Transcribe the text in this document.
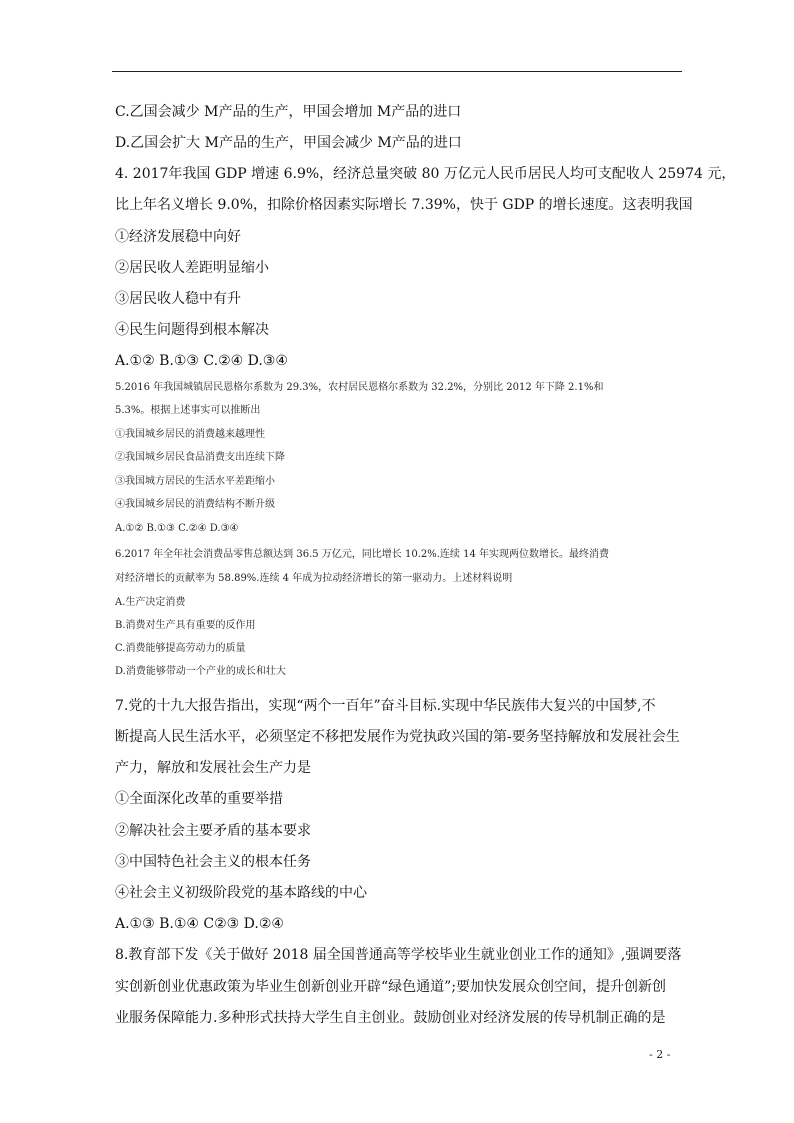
C.乙国会减少 M产品的生产，甲国会增加 M产品的进口
D.乙国会扩大 M产品的生产，甲国会减少 M产品的进口
4. 2017年我国 GDP 增速 6.9%，经济总量突破 80 万亿元人民币居民人均可支配收人 25974 元，
比上年名义增长 9.0%，扣除价格因素实际增长 7.39%，快于 GDP 的增长速度。这表明我国
①经济发展稳中向好
②居民收人差距明显缩小
③居民收人稳中有升
④民生问题得到根本解决
A.①② B.①③ C.②④ D.③④
5.2016 年我国城镇居民恩格尔系数为 29.3%，农村居民恩格尔系数为 32.2%，分别比 2012 年下降 2.1%和
5.3%。根据上述事实可以推断出
①我国城乡居民的消费越来越理性
②我国城乡居民食品消费支出连续下降
③我国城方居民的生活水平差距缩小
④我国城乡居民的消费结构不断升级
A.①② B.①③ C.②④ D.③④
6.2017 年全年社会消费品零售总额达到 36.5 万亿元，同比增长 10.2%.连续 14 年实现两位数增长。最终消费
对经济增长的贡献率为 58.89%.连续 4 年成为拉动经济增长的第一驱动力。上述材料说明
A.生产决定消费
B.消费对生产具有重要的反作用
C.消费能够提高劳动力的质量
D.消费能够带动一个产业的成长和壮大
7.党的十九大报告指出，实现“两个一百年”奋斗目标.实现中华民族伟大复兴的中国梦,不
断提高人民生活水平，必须坚定不移把发展作为党执政兴国的第-要务坚持解放和发展社会生
产力，解放和发展社会生产力是
①全面深化改革的重要举措
②解决社会主要矛盾的基本要求
③中国特色社会主义的根本任务
④社会主义初级阶段党的基本路线的中心
A.①③ B.①④ C②③ D.②④
8.教育部下发《关于做好 2018 届全国普通高等学校毕业生就业创业工作的通知》,强调要落
实创新创业优惠政策为毕业生创新创业开辟“绿色通道”;要加快发展众创空间，提升创新创
业服务保障能力.多种形式扶持大学生自主创业。鼓励创业对经济发展的传导机制正确的是
- 2 -
